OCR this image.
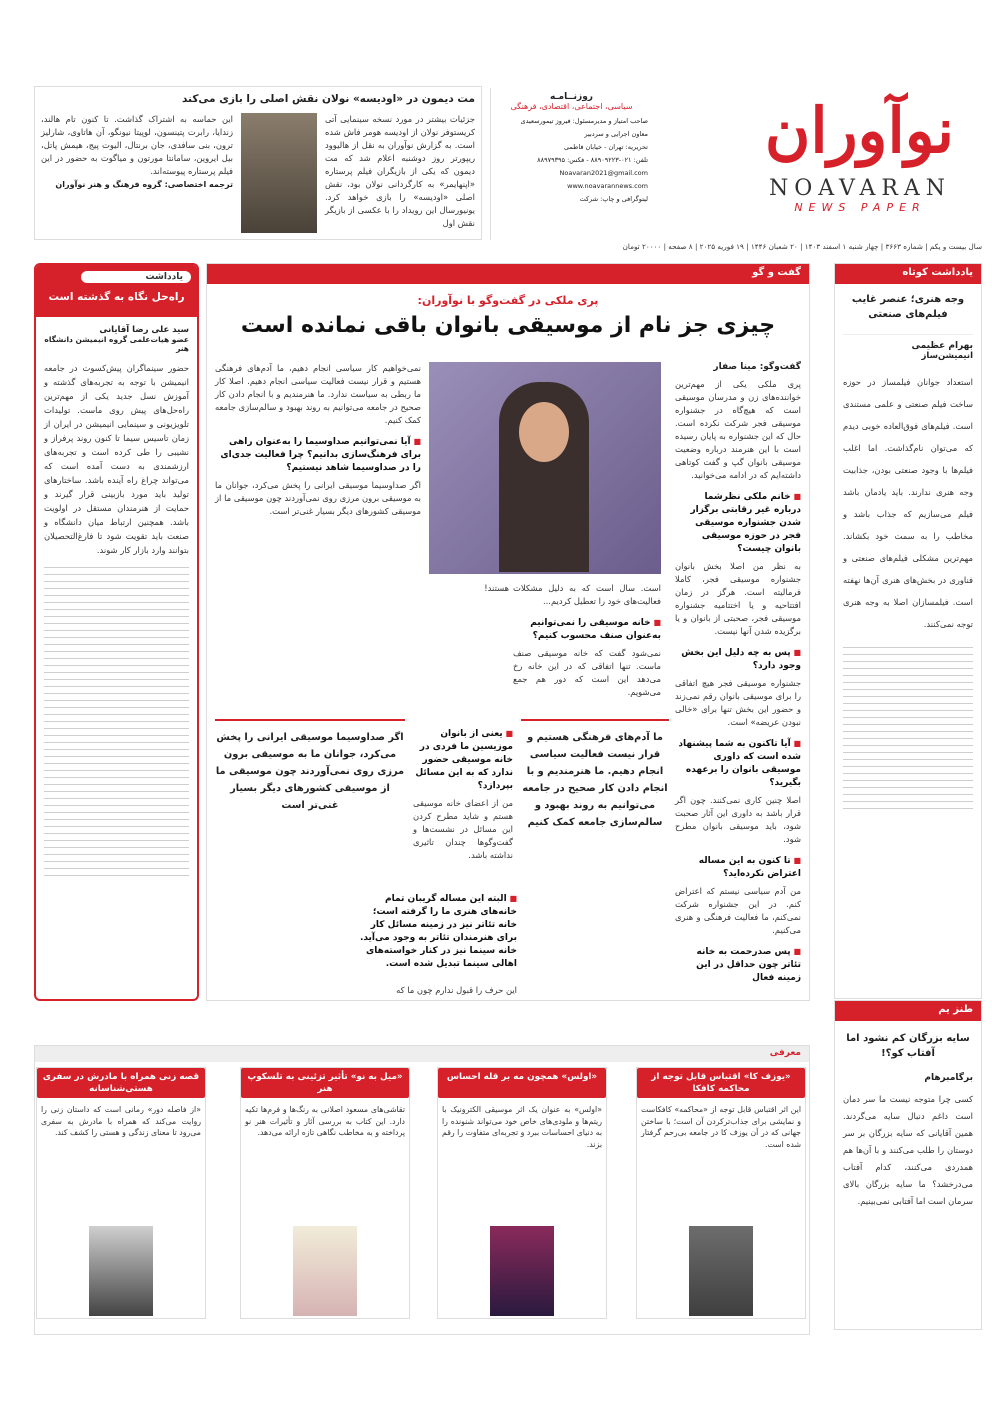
نوآوران
NOAVARAN
NEWS PAPER
سال بیست و یکم | شماره ۳۶۶۳ | چهار شنبه ۱ اسفند ۱۴۰۳ | ۲۰ شعبان ۱۴۴۶ | ۱۹ فوریه ۲۰۲۵ | ۸ صفحه | ۲۰۰۰۰ تومان
روزنــامـه
سیاسی، اجتماعی، اقتصادی، فرهنگی
صاحب امتیاز و مدیرمسئول: فیروز تیمورسعیدی
معاون اجرایی و سردبیر
تحریریه: تهران - خیابان فاطمی
تلفن: ۰۲۱-۸۸۹۰۹۲۲۳ - فکس: ۸۸۹۷۹۳۹۵
Noavaran2021@gmail.com
www.noavarannews.com
لیتوگرافی و چاپ: شرکت
مت دیمون در «اودیسه» نولان نقش اصلی را بازی می‌کند

جزئیات بیشتر در مورد نسخه سینمایی آتی کریستوفر نولان از اودیسه هومر فاش شده است. به گزارش نوآوران به نقل از هالیوود ریپورتر روز دوشنبه اعلام شد که مت دیمون که یکی از بازیگران فیلم پرستاره «اپنهایمر» به کارگردانی نولان بود، نقش اصلی «اودیسه» را بازی خواهد کرد. یونیورسال این رویداد را با عکسی از بازیگر نقش اول

این حماسه به اشتراک گذاشت. تا کنون تام هالند، زندایا، رابرت پتینسون، لوپیتا نیونگو، آن هاتاوی، شارلیز ترون، بنی سافدی، جان برنتال، الیوت پیج، هیمش پاتل، بیل ایروین، سامانتا مورتون و میاگوت به حضور در این فیلم پرستاره پیوسته‌اند.

ترجمه اختصاصی: گروه فرهنگ و هنر نوآوران
یادداشت کوتاه
وجه هنری؛ عنصر غایب فیلم‌های صنعتی
بهرام عظیمی
انیمیشن‌ساز

استعداد جوانان فیلمساز در حوزه ساخت فیلم صنعتی و علمی مستندی است. فیلم‌های فوق‌العاده خوبی دیدم که می‌توان نام‌گذاشت. اما اغلب فیلم‌ها با وجود صنعتی بودن، جذابیت وجه هنری ندارند. باید یادمان باشد فیلم می‌سازیم که جذاب باشد و مخاطب را به سمت خود بکشاند. مهم‌ترین مشکلی فیلم‌های صنعتی و فناوری در بخش‌های هنری آن‌ها نهفته است. فیلمسازان اصلا به وجه هنری توجه نمی‌کنند.

طنز یم
سایه بزرگان کم نشود اما آفتاب کو؟!
برگامبرهام

کسی چرا متوجه نیست ما سر دمان است داغم دنبال سایه می‌گردند. همین آقایانی که سایه بزرگان بر سر دوستان را طلب می‌کنند و با آن‌ها هم همدردی می‌کنند، کدام آفتاب می‌درخشد؟ ما سایه بزرگان بالای سرمان است اما آفتابی نمی‌بینیم.

یادداشت
راه‌حل نگاه به گذشته است
سید علی رضا آقایانی
عضو هیات‌علمی گروه انیمیشن دانشگاه هنر

حضور سینماگران پیش‌کسوت در جامعه انیمیشن با توجه به تجربه‌های گذشته و آموزش نسل جدید یکی از مهم‌ترین راه‌حل‌های پیش روی ماست. تولیدات تلویزیونی و سینمایی انیمیشن در ایران از زمان تاسیس سیما تا کنون روند پرفراز و نشیبی را طی کرده است و تجربه‌های ارزشمندی به دست آمده است که می‌تواند چراغ راه آینده باشد. ساختارهای تولید باید مورد بازبینی قرار گیرند و حمایت از هنرمندان مستقل در اولویت باشد. همچنین ارتباط میان دانشگاه و صنعت باید تقویت شود تا فارغ‌التحصیلان بتوانند وارد بازار کار شوند.

گفت و گو
پری ملکی در گفت‌وگو با نوآوران:
چیزی جز نام از موسیقی بانوان باقی نمانده است
گفت‌وگو: مینا صفار

پری ملکی یکی از مهم‌ترین خواننده‌های زن و مدرسان موسیقی است که هیچ‌گاه در جشنواره موسیقی فجر شرکت نکرده است. حال که این جشنواره به پایان رسیده است با این هنرمند درباره وضعیت موسیقی بانوان گپ و گفت کوتاهی داشته‌ایم که در ادامه می‌خوانید.

■ خانم ملکی نظرشما درباره غیر رقابتی برگزار شدن جشنواره موسیقی فجر در حوزه موسیقی بانوان چیست؟

به نظر من اصلا بخش بانوان جشنواره موسیقی فجر، کاملا فرمالیته است. هرگز در زمان افتتاحیه و یا اختتامیه جشنواره موسیقی فجر، صحبتی از بانوان و یا برگزیده شدن آنها نیست.

■ پس به چه دلیل این بخش وجود دارد؟

جشنواره موسیقی فجر هیچ اتفاقی را برای موسیقی بانوان رقم نمی‌زند و حضور این بخش تنها برای «خالی نبودن عریضه» است.

■ آیا تاکنون به شما پیشنهاد شده است که داوری موسیقی بانوان را برعهده بگیرید؟

اصلا چنین کاری نمی‌کنند. چون اگر قرار باشد به داوری این آثار صحبت شود، باید موسیقی بانوان مطرح شود.

■ تا کنون به این مساله اعتراض نکرده‌اید؟

من آدم سیاسی نیستم که اعتراض کنم. در این جشنواره شرکت نمی‌کنم، ما فعالیت فرهنگی و هنری می‌کنیم.

■ پس صدرحمت به خانه تئاتر چون حداقل در این زمینه فعال

است. سال است که به دلیل مشکلات فعالیت‌های خود را تعطیل کردیم...

■ خانه موسیقی را نمی‌توانیم به‌عنوان صنف محسوب کنیم؟

نمی‌شود گفت که خانه موسیقی صنف ماست. تنها اتفاقی که در این خانه رخ می‌دهد این است که دور هم جمع می‌شویم.

هستند!

نمی‌خواهیم کار سیاسی انجام دهیم، ما آدم‌های فرهنگی هستیم و قرار نیست فعالیت سیاسی انجام دهیم. اصلا کار ما ربطی به سیاست ندارد. ما هنرمندیم و با انجام دادن کار صحیح در جامعه می‌توانیم به روند بهبود و سالم‌سازی جامعه کمک کنیم.

■ آیا نمی‌توانیم صداوسیما را به‌عنوان راهی برای فرهنگ‌سازی بدانیم؟ چرا فعالیت جدی‌ای را در صداوسیما شاهد نیستیم؟

اگر صداوسیما موسیقی ایرانی را پخش می‌کرد، جوانان ما به موسیقی برون مرزی روی نمی‌آوردند چون موسیقی ما از موسیقی کشورهای دیگر بسیار غنی‌تر است.

ما آدم‌های فرهنگی هستیم و قرار نیست فعالیت سیاسی انجام دهیم. ما هنرمندیم و با انجام دادن کار صحیح در جامعه می‌توانیم به روند بهبود و سالم‌سازی جامعه کمک کنیم
اگر صداوسیما موسیقی ایرانی را پخش می‌کرد، جوانان ما به موسیقی برون مرزی روی نمی‌آوردند چون موسیقی ما از موسیقی کشورهای دیگر بسیار غنی‌تر است
■ یعنی از بانوان موزیسین ما فردی در خانه موسیقی حضور ندارد که به این مسائل بپردازد؟

من از اعضای خانه موسیقی هستم و شاید مطرح کردن این مسائل در نشست‌ها و گفت‌وگوها چندان تاثیری نداشته باشد.

■ البته این مساله گریبان تمام خانه‌های هنری ما را گرفته است؛ خانه تئاتر نیز در زمینه مسائل کار برای هنرمندان تئاتر به وجود می‌آید. خانه سینما نیز در کنار خواسته‌های اهالی سینما تبدیل شده است.

این حرف را قبول ندارم چون ما که

معرفی
«یوزف کا» اقتباس قابل توجه از محاکمه کافکا
این اثر اقتباس قابل توجه از «محاکمه» کافکاست و نمایشی برای جذاب‌ترکردن آن است؛ با ساختن جهانی که در آن یوزف کا در جامعه بی‌رحم گرفتار شده است.
«اولس» همچون مه بر قله احساس
«اولس» به عنوان یک اثر موسیقی الکترونیک با ریتم‌ها و ملودی‌های خاص خود می‌تواند شنونده را به دنیای احساسات ببرد و تجربه‌ای متفاوت را رقم بزند.
«میل به نو» تأثیر تزئینی به تلسکوپ هنر
تقاشی‌های مسعود اصلانی به رنگ‌ها و فرم‌ها تکیه دارد. این کتاب به بررسی آثار و تأثیرات هنر نو پرداخته و به مخاطب نگاهی تازه ارائه می‌دهد.
قصه زنی همراه با مادرش در سفری هستی‌شناسانه
«از فاصله دور» رمانی است که داستان زنی را روایت می‌کند که همراه با مادرش به سفری می‌رود تا معنای زندگی و هستی را کشف کند.
